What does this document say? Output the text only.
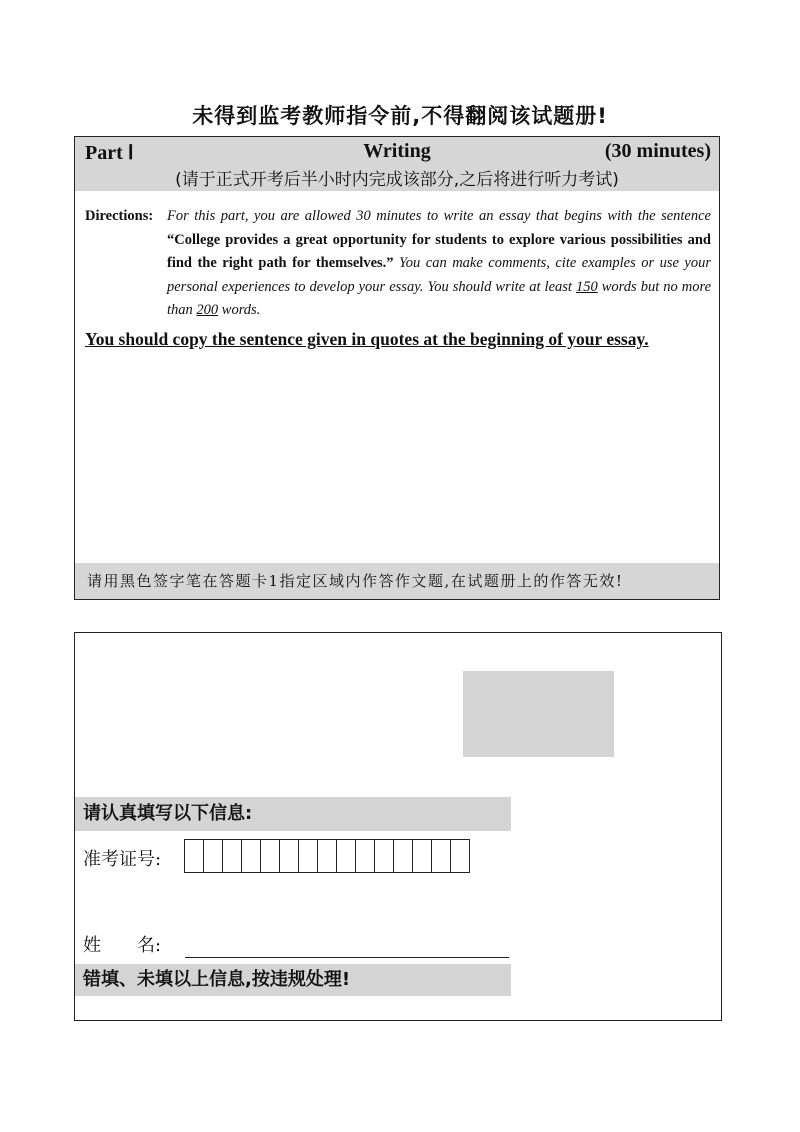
未得到监考教师指令前,不得翻阅该试题册!
Writing
Part Ⅰ	(30 minutes)
(请于正式开考后半小时内完成该部分,之后将进行听力考试)
Directions: For this part, you are allowed 30 minutes to write an essay that begins with the sentence “College provides a great opportunity for students to explore various possibilities and find the right path for themselves.” You can make comments, cite examples or use your personal experiences to develop your essay. You should write at least 150 words but no more than 200 words.
You should copy the sentence given in quotes at the beginning of your essay.
请用黑色签字笔在答题卡1指定区域内作答作文题,在试题册上的作答无效!
请认真填写以下信息:
准考证号:
姓　　名:
错填、未填以上信息,按违规处理!
